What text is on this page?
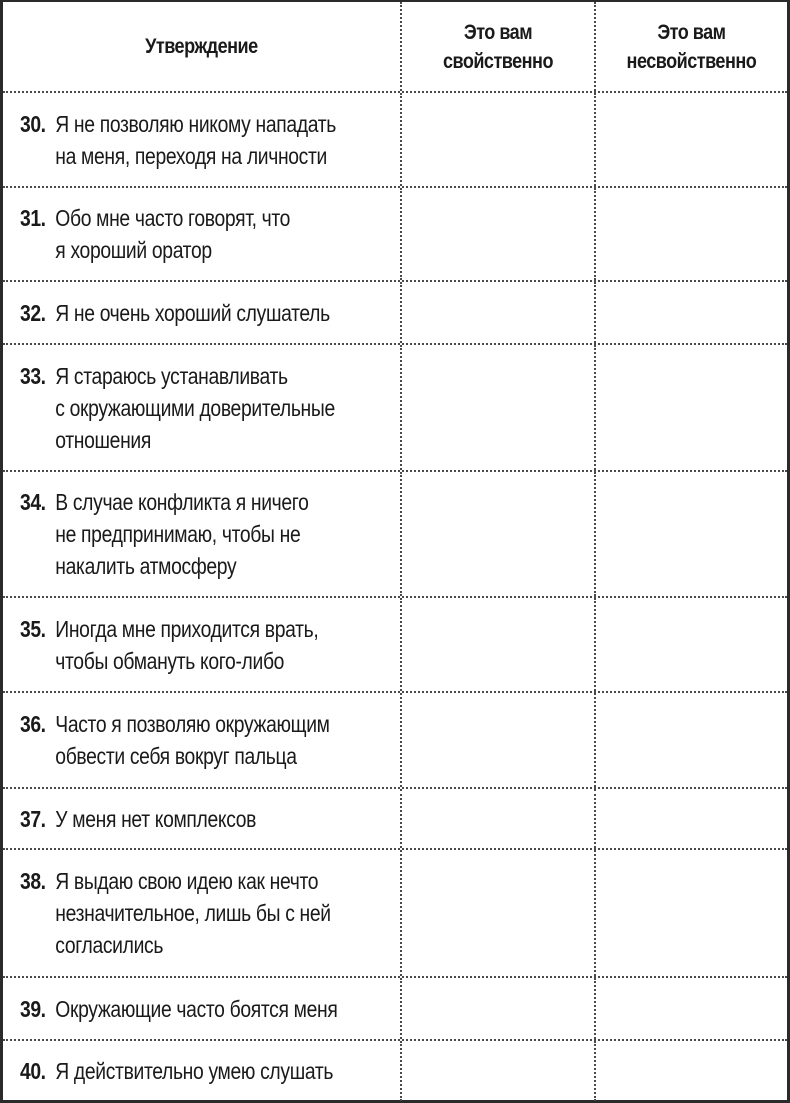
Утверждение
Это вам
свойственно
Это вам
несвойственно
30. Я не позволяю никому нападать
на меня, переходя на личности
31. Обо мне часто говорят, что
я хороший оратор
32. Я не очень хороший слушатель
33. Я стараюсь устанавливать
с окружающими доверительные
отношения
34. В случае конфликта я ничего
не предпринимаю, чтобы не
накалить атмосферу
35. Иногда мне приходится врать,
чтобы обмануть кого-либо
36. Часто я позволяю окружающим
обвести себя вокруг пальца
37. У меня нет комплексов
38. Я выдаю свою идею как нечто
незначительное, лишь бы с ней
согласились
39. Окружающие часто боятся меня
40. Я действительно умею слушать
